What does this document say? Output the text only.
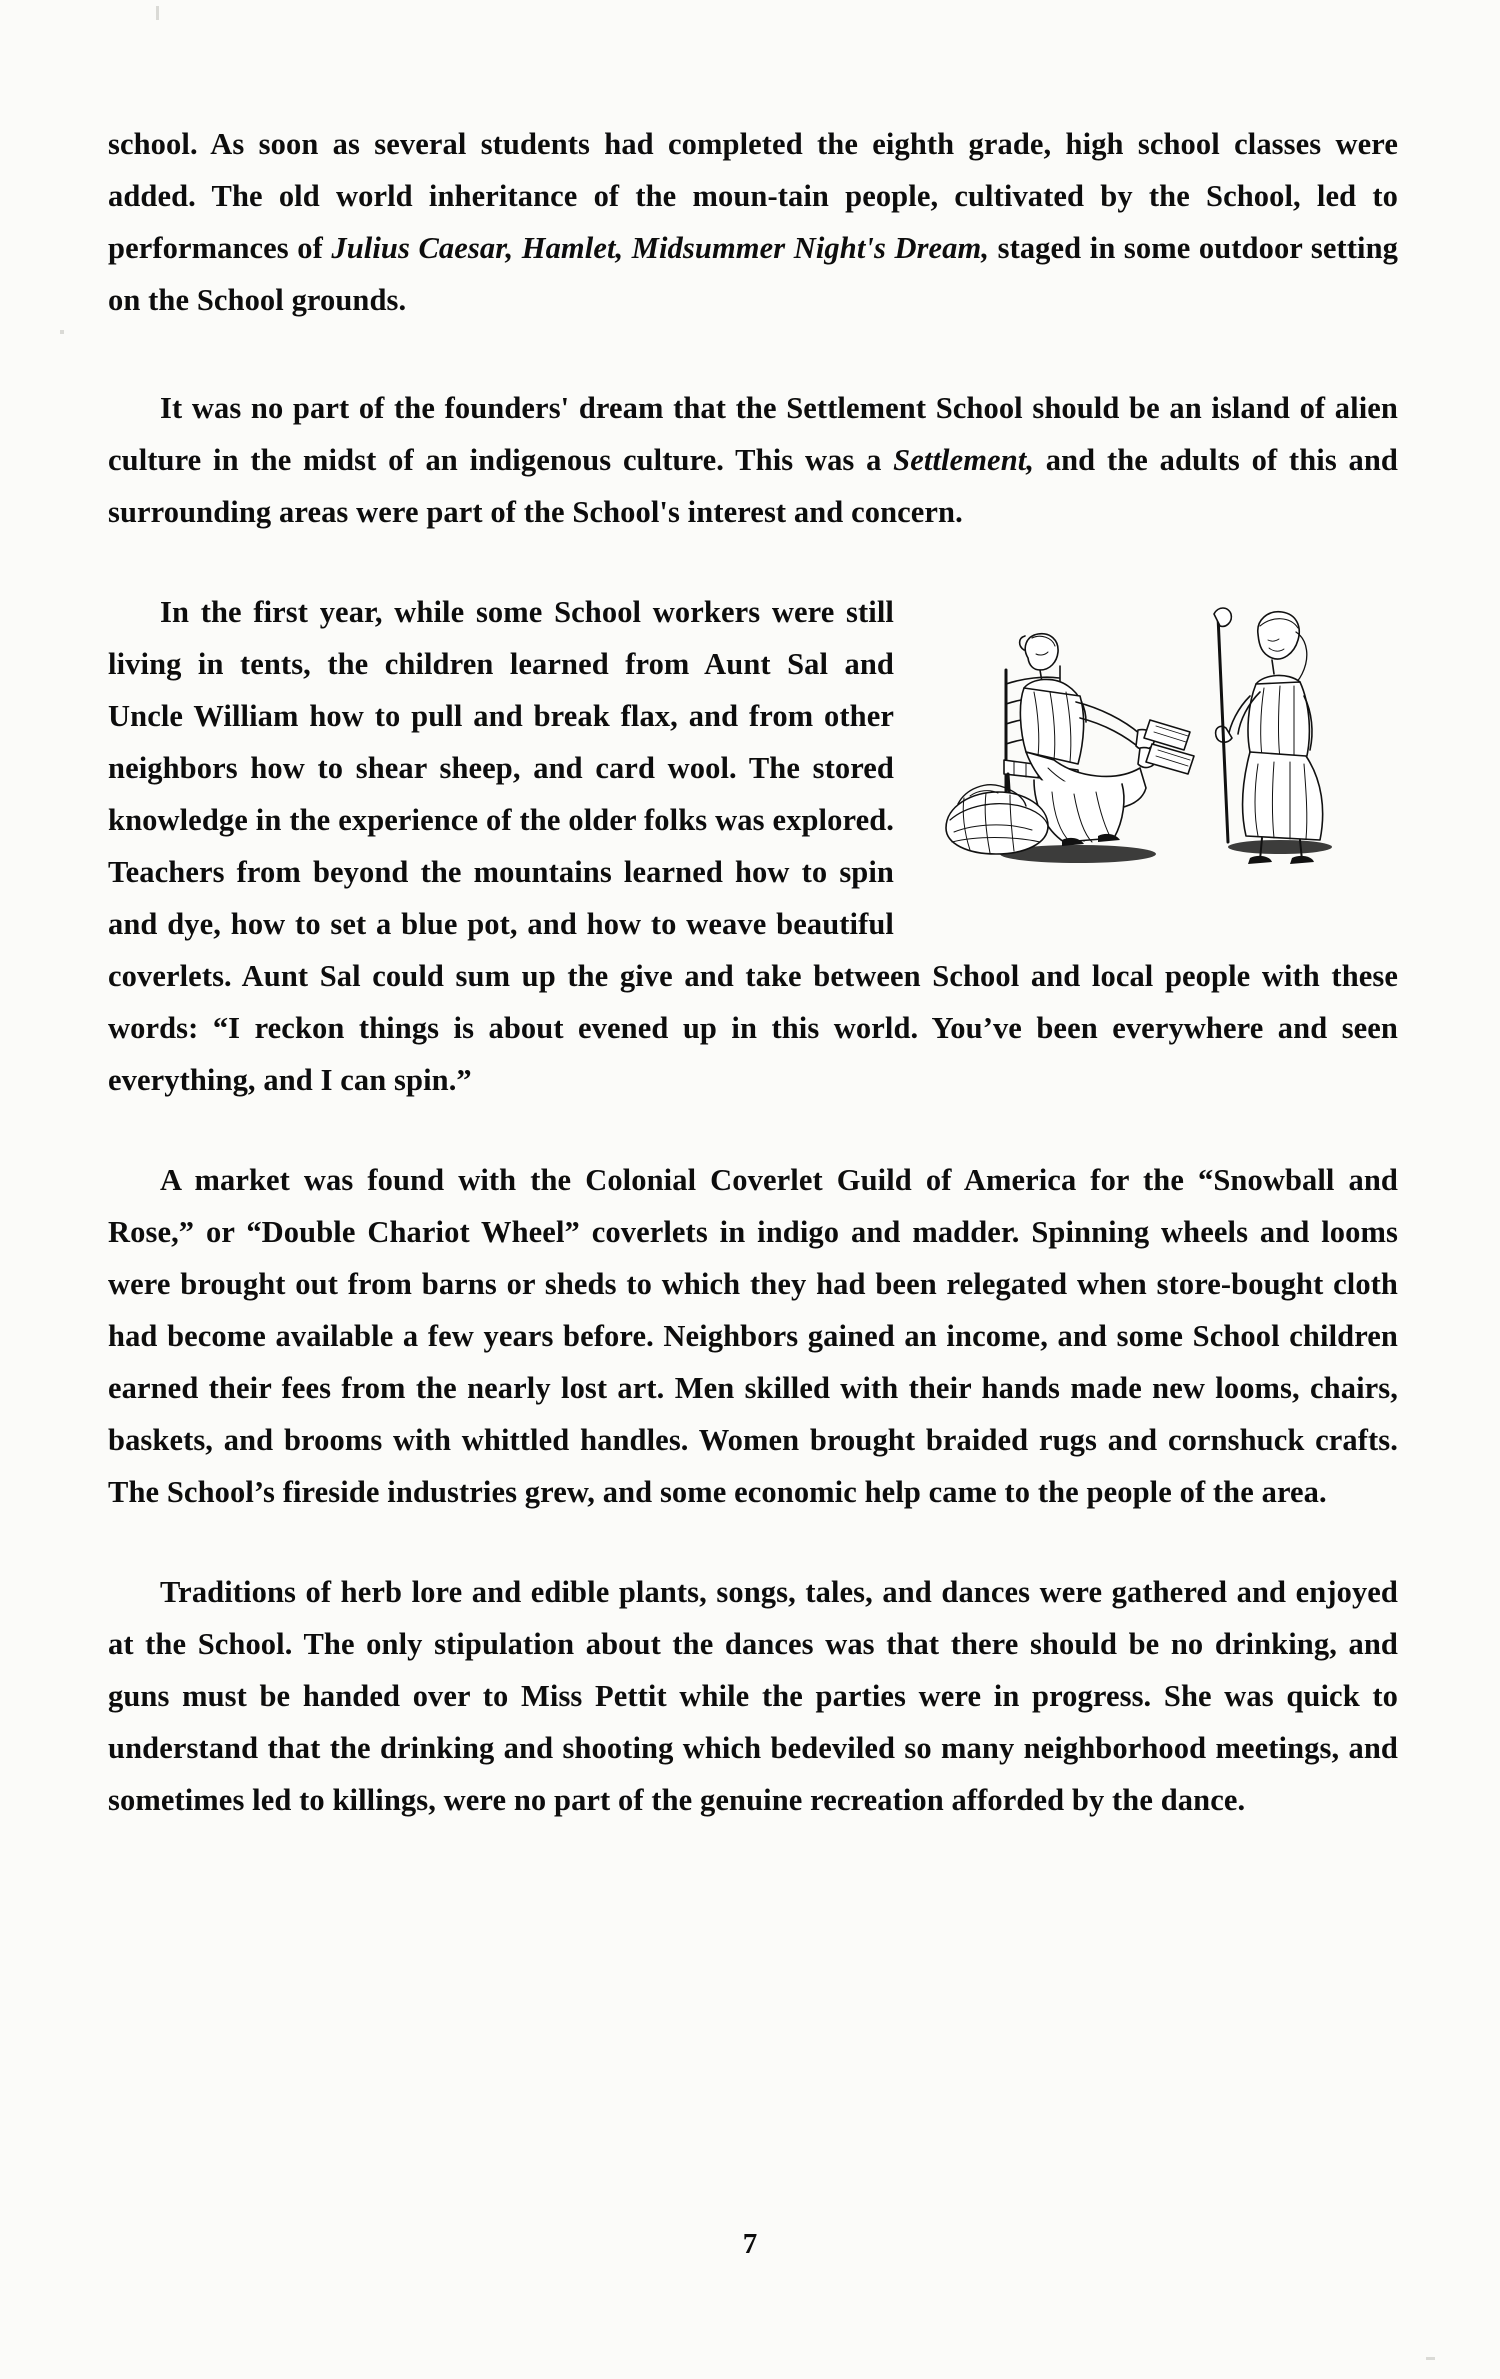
school. As soon as several students had completed the eighth grade, high school classes were added. The old world inheritance of the moun-tain people, cultivated by the School, led to performances of Julius Caesar, Hamlet, Midsummer Night's Dream, staged in some outdoor setting on the School grounds.

It was no part of the founders' dream that the Settlement School should be an island of alien culture in the midst of an indigenous culture. This was a Settlement, and the adults of this and surrounding areas were part of the School's interest and concern.

In the first year, while some School workers were still living in tents, the children learned from Aunt Sal and Uncle William how to pull and break flax, and from other neighbors how to shear sheep, and card wool. The stored knowledge in the experience of the older folks was explored. Teachers from beyond the mountains learned how to spin and dye, how to set a blue pot, and how to weave beautiful coverlets. Aunt Sal could sum up the give and take between School and local people with these words: “I reckon things is about evened up in this world. You’ve been everywhere and seen everything, and I can spin.”

A market was found with the Colonial Coverlet Guild of America for the “Snowball and Rose,” or “Double Chariot Wheel” coverlets in indigo and madder. Spinning wheels and looms were brought out from barns or sheds to which they had been relegated when store-bought cloth had become available a few years before. Neighbors gained an income, and some School children earned their fees from the nearly lost art. Men skilled with their hands made new looms, chairs, baskets, and brooms with whittled handles. Women brought braided rugs and cornshuck crafts. The School’s fireside industries grew, and some economic help came to the people of the area.

Traditions of herb lore and edible plants, songs, tales, and dances were gathered and enjoyed at the School. The only stipulation about the dances was that there should be no drinking, and guns must be handed over to Miss Pettit while the parties were in progress. She was quick to understand that the drinking and shooting which bedeviled so many neighborhood meetings, and sometimes led to killings, were no part of the genuine recreation afforded by the dance.

7
